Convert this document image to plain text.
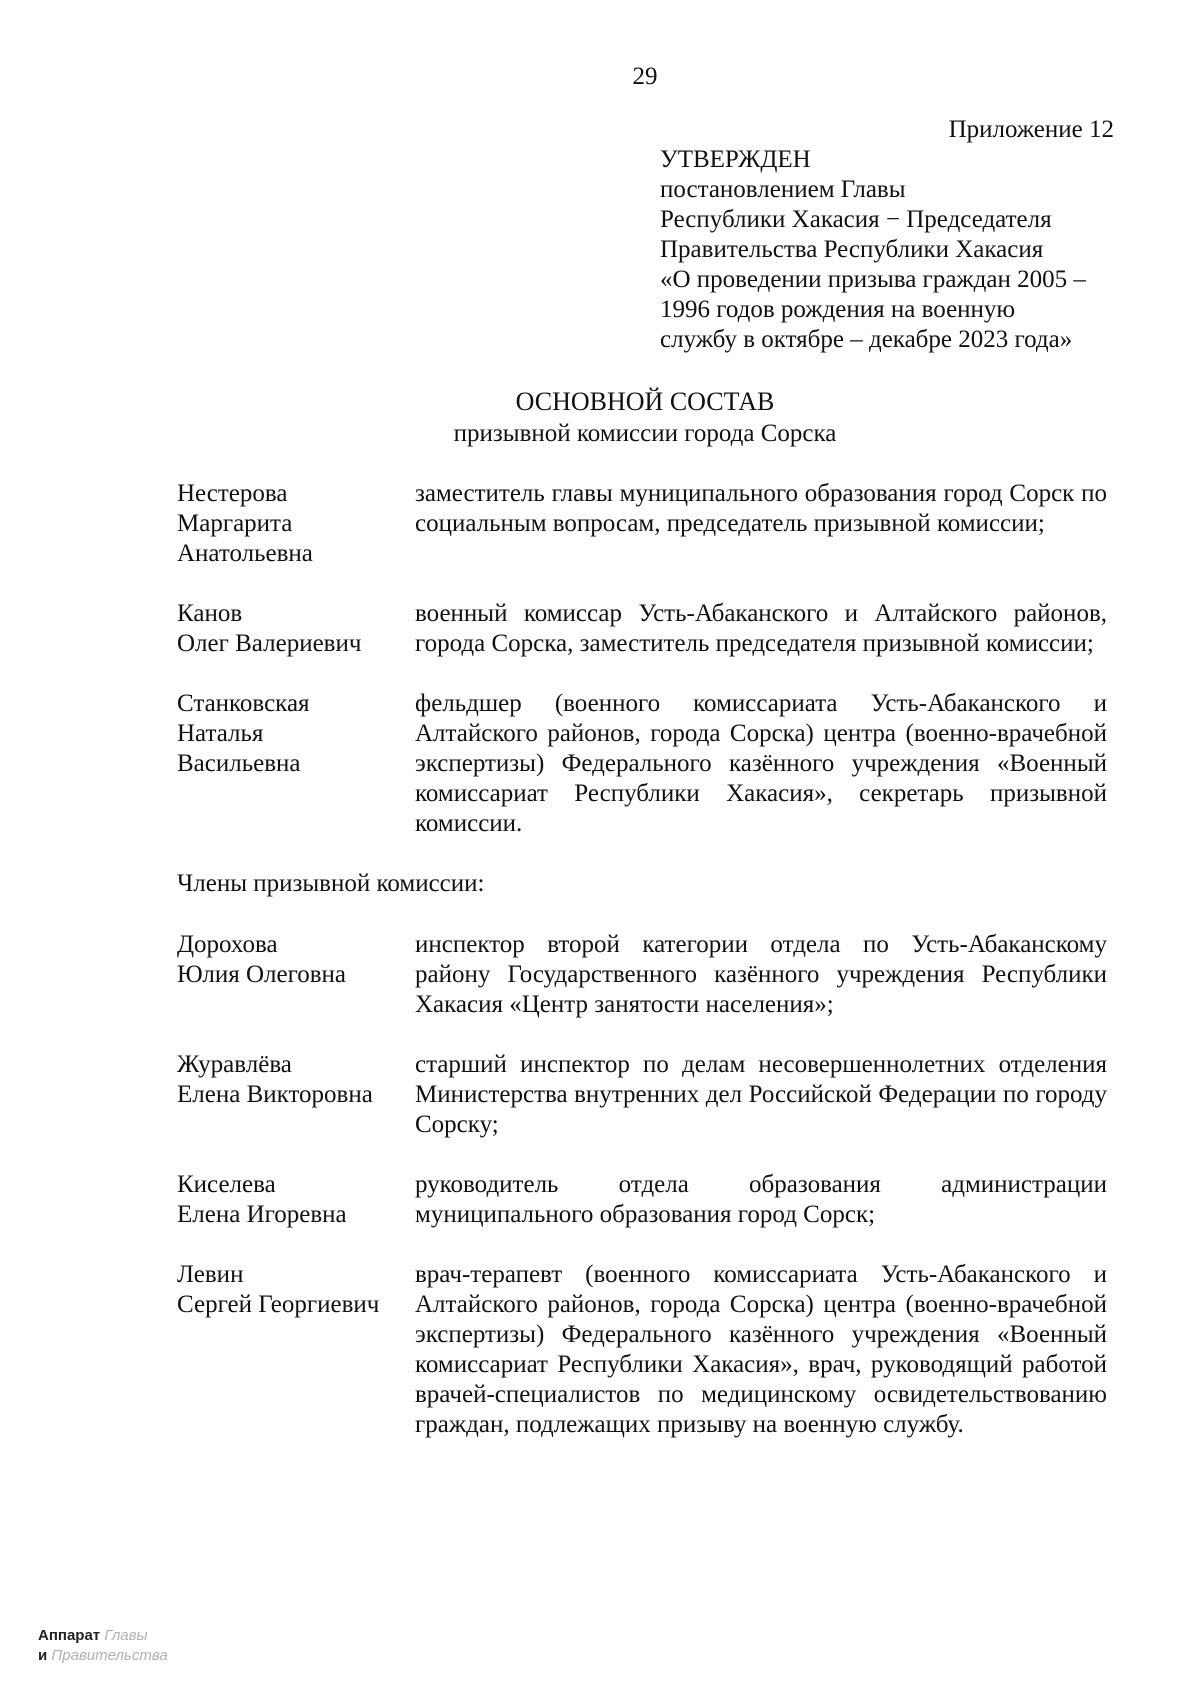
29
Приложение 12
УТВЕРЖДЕН
постановлением Главы
Республики Хакасия − Председателя
Правительства Республики Хакасия
«О проведении призыва граждан 2005 –
1996 годов рождения на военную
службу в октябре – декабре 2023 года»
ОСНОВНОЙ СОСТАВ
призывной комиссии города Сорска
Нестерова
Маргарита
Анатольевна
заместитель главы муниципального образования город Сорск по социальным вопросам, председатель призывной комиссии;
Канов
Олег Валериевич
военный комиссар Усть-Абаканского и Алтайского районов, города Сорска, заместитель председателя призывной комиссии;
Станковская
Наталья
Васильевна
фельдшер (военного комиссариата Усть-Абаканского и Алтайского районов, города Сорска) центра (военно-врачебной экспертизы) Федерального казённого учреждения «Военный комиссариат Республики Хакасия», секретарь призывной комиссии.
Члены призывной комиссии:
Дорохова
Юлия Олеговна
инспектор второй категории отдела по Усть-Абаканскому району Государственного казённого учреждения Республики Хакасия «Центр занятости населения»;
Журавлёва
Елена Викторовна
старший инспектор по делам несовершеннолетних отделения Министерства внутренних дел Российской Федерации по городу Сорску;
Киселева
Елена Игоревна
руководитель отдела образования администрации муниципального образования город Сорск;
Левин
Сергей Георгиевич
врач-терапевт (военного комиссариата Усть-Абаканского и Алтайского районов, города Сорска) центра (военно-врачебной экспертизы) Федерального казённого учреждения «Военный комиссариат Республики Хакасия», врач, руководящий работой врачей-специалистов по медицинскому освидетельствованию граждан, подлежащих призыву на военную службу.
Аппарат Главы
и Правительства
